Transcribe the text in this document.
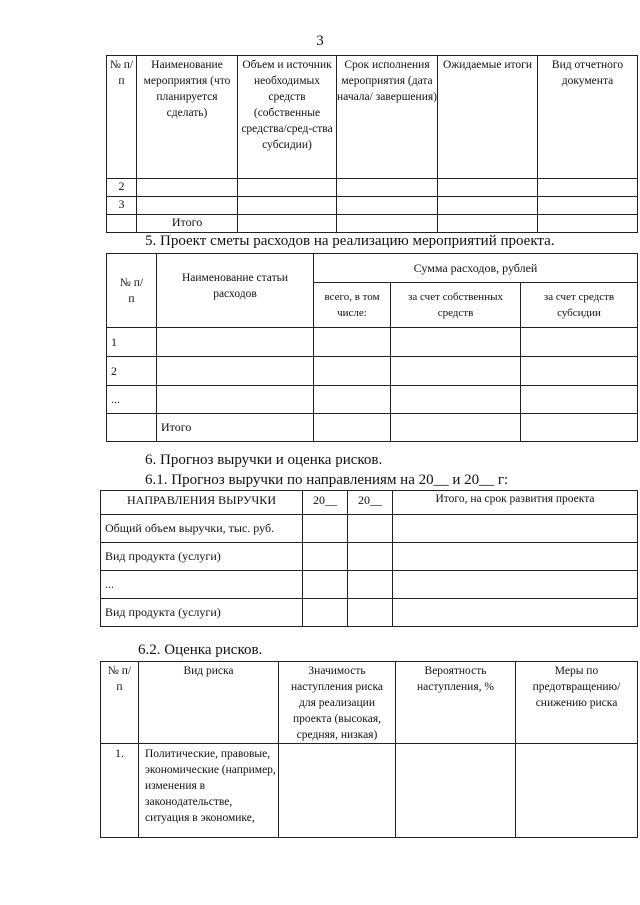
3
№ п/п	Наименование мероприятия (что планируется сделать)	Объем и источник необходимых средств (собственные средства/сред-ства субсидии)	Срок исполнения мероприятия (дата начала/ завершения)	Ожидаемые итоги	Вид отчетного документа
2					
3					
	Итого				
5. Проект сметы расходов на реализацию мероприятий проекта.
№ п/п	Наименование статьи расходов	Сумма расходов, рублей		
		всего, в том числе:	за счет собственных средств	за счет средств субсидии
1				
2				
...				
	Итого			
6. Прогноз выручки и оценка рисков.
6.1. Прогноз выручки по направлениям на 20__ и 20__ г:
НАПРАВЛЕНИЯ ВЫРУЧКИ	20__	20__	Итого, на срок развития проекта
Общий объем выручки, тыс. руб.			
Вид продукта (услуги)			
...			
Вид продукта (услуги)			
6.2. Оценка рисков.
№ п/п	Вид риска	Значимость наступления риска для реализации проекта (высокая, средняя, низкая)	Вероятность наступления, %	Меры по предотвращению/ снижению риска
1.	Политические, правовые, экономические (например, изменения в законодательстве, ситуация в экономике,			
